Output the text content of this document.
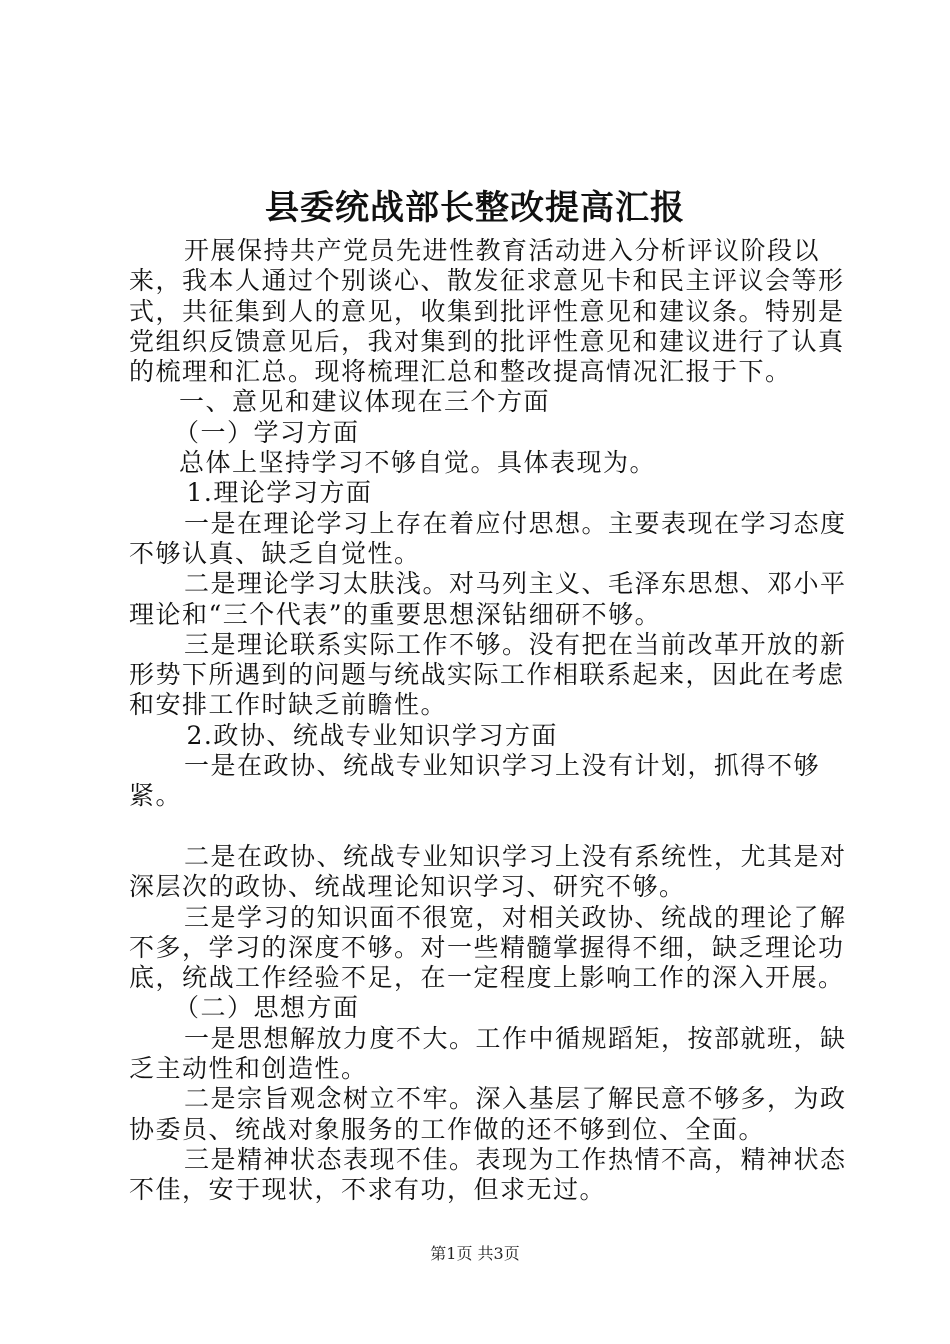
县委统战部长整改提高汇报

开展保持共产党员先进性教育活动进入分析评议阶段以来，我本人通过个别谈心、散发征求意见卡和民主评议会等形式，共征集到人的意见，收集到批评性意见和建议条。特别是党组织反馈意见后，我对集到的批评性意见和建议进行了认真的梳理和汇总。现将梳理汇总和整改提高情况汇报于下。

一、意见和建议体现在三个方面

（一）学习方面

总体上坚持学习不够自觉。具体表现为。

1.理论学习方面

一是在理论学习上存在着应付思想。主要表现在学习态度不够认真、缺乏自觉性。

二是理论学习太肤浅。对马列主义、毛泽东思想、邓小平理论和“三个代表”的重要思想深钻细研不够。

三是理论联系实际工作不够。没有把在当前改革开放的新形势下所遇到的问题与统战实际工作相联系起来，因此在考虑和安排工作时缺乏前瞻性。

2.政协、统战专业知识学习方面

一是在政协、统战专业知识学习上没有计划，抓得不够紧。

二是在政协、统战专业知识学习上没有系统性，尤其是对深层次的政协、统战理论知识学习、研究不够。

三是学习的知识面不很宽，对相关政协、统战的理论了解不多，学习的深度不够。对一些精髓掌握得不细，缺乏理论功底，统战工作经验不足，在一定程度上影响工作的深入开展。

（二）思想方面

一是思想解放力度不大。工作中循规蹈矩，按部就班，缺乏主动性和创造性。

二是宗旨观念树立不牢。深入基层了解民意不够多，为政协委员、统战对象服务的工作做的还不够到位、全面。

三是精神状态表现不佳。表现为工作热情不高，精神状态不佳，安于现状，不求有功，但求无过。

第1页 共3页
